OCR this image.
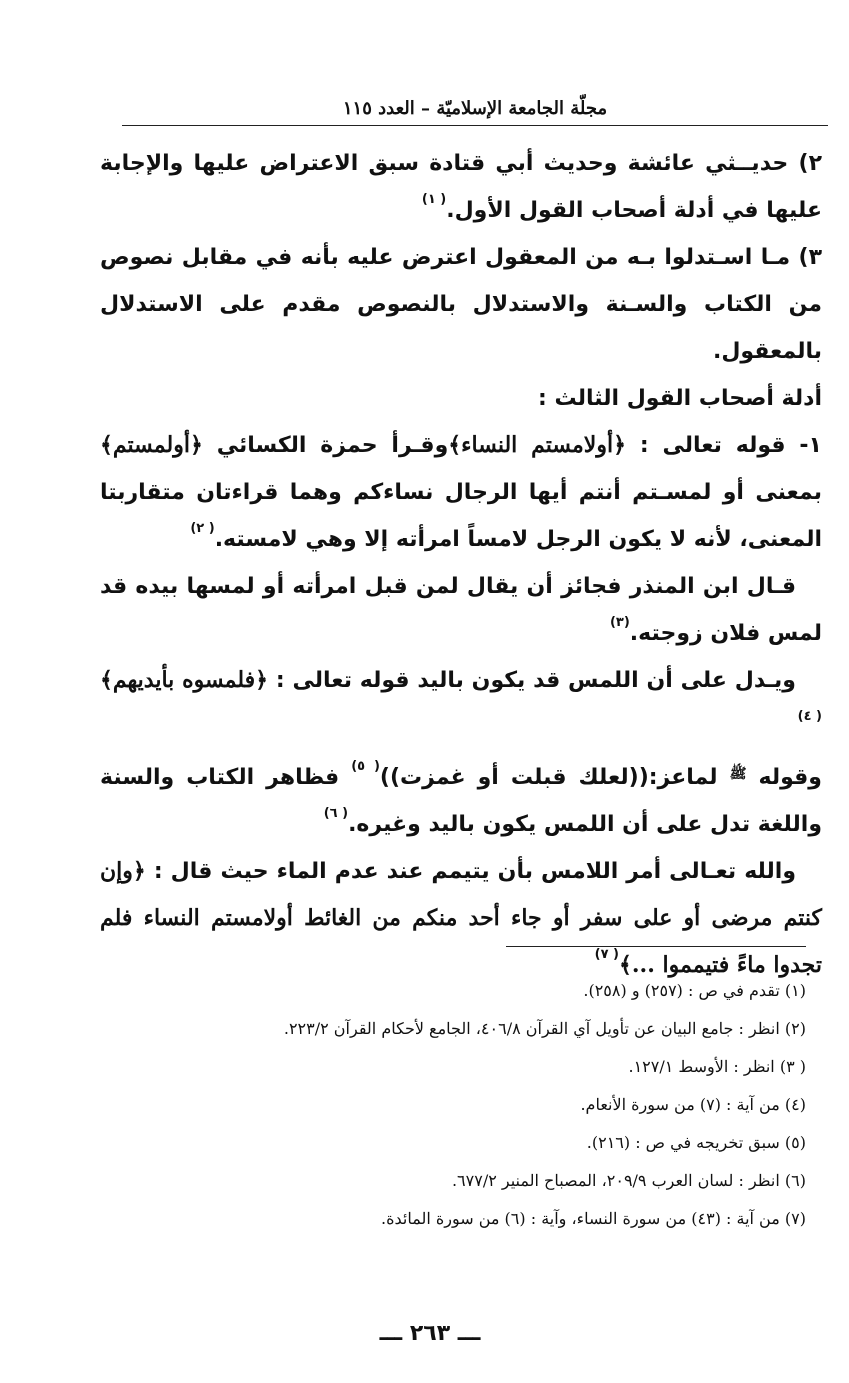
مجلّة الجامعة الإسلاميّة – العدد ١١٥

٢) حديــثي عائشة وحديث أبي قتادة سبق الاعتراض عليها والإجابة عليها في أدلة أصحاب القول الأول.$^{( ١)}$

٣) مـا اسـتدلوا بـه من المعقول اعترض عليه بأنه في مقابل نصوص من الكتاب والسـنة والاستدلال بالنصوص مقدم على الاستدلال بالمعقول.

أدلة أصحاب القول الثالث :

١- قوله تعالى : ﴿أولامستم النساء﴾وقـرأ حمزة الكسائي ﴿أولمستم﴾ بمعنى أو لمسـتم أنتم أيها الرجال نساءكم وهما قراءتان متقاربتا المعنى، لأنه لا يكون الرجل لامساً امرأته إلا وهي لامسته.$^{( ٢)}$

قـال ابن المنذر فجائز أن يقال لمن قبل امرأته أو لمسها بيده قد لمس فلان زوجته.$^{(٣)}$

ويـدل على أن اللمس قد يكون باليد قوله تعالى : ﴿فلمسوه بأيديهم﴾$^{( ٤)}$

وقوله $^ﷺ$ لماعز:((لعلك قبلت أو غمزت))$^{( ٥)}$ فظاهر الكتاب والسنة واللغة تدل على أن اللمس يكون باليد وغيره.$^{( ٦)}$

والله تعـالى أمر اللامس بأن يتيمم عند عدم الماء حيث قال : ﴿وإن كنتم مرضى أو على سفر أو جاء أحد منكم من الغائط أولامستم النساء فلم تجدوا ماءً فتيمموا ...﴾$^{( ٧)}$

(١) تقدم في ص : (٢٥٧) و (٢٥٨).

(٢) انظر : جامع البيان عن تأويل آي القرآن ٤٠٦/٨، الجامع لأحكام القرآن ٢٢٣/٢.

( ٣) انظر : الأوسط ١٢٧/١.

(٤) من آية : (٧) من سورة الأنعام.

(٥) سبق تخريجه في ص : (٢١٦).

(٦) انظر : لسان العرب ٢٠٩/٩، المصباح المنير ٦٧٧/٢.

(٧) من آية : (٤٣) من سورة النساء، وآية : (٦) من سورة المائدة.

ـــ ٢٦٣ ـــ
